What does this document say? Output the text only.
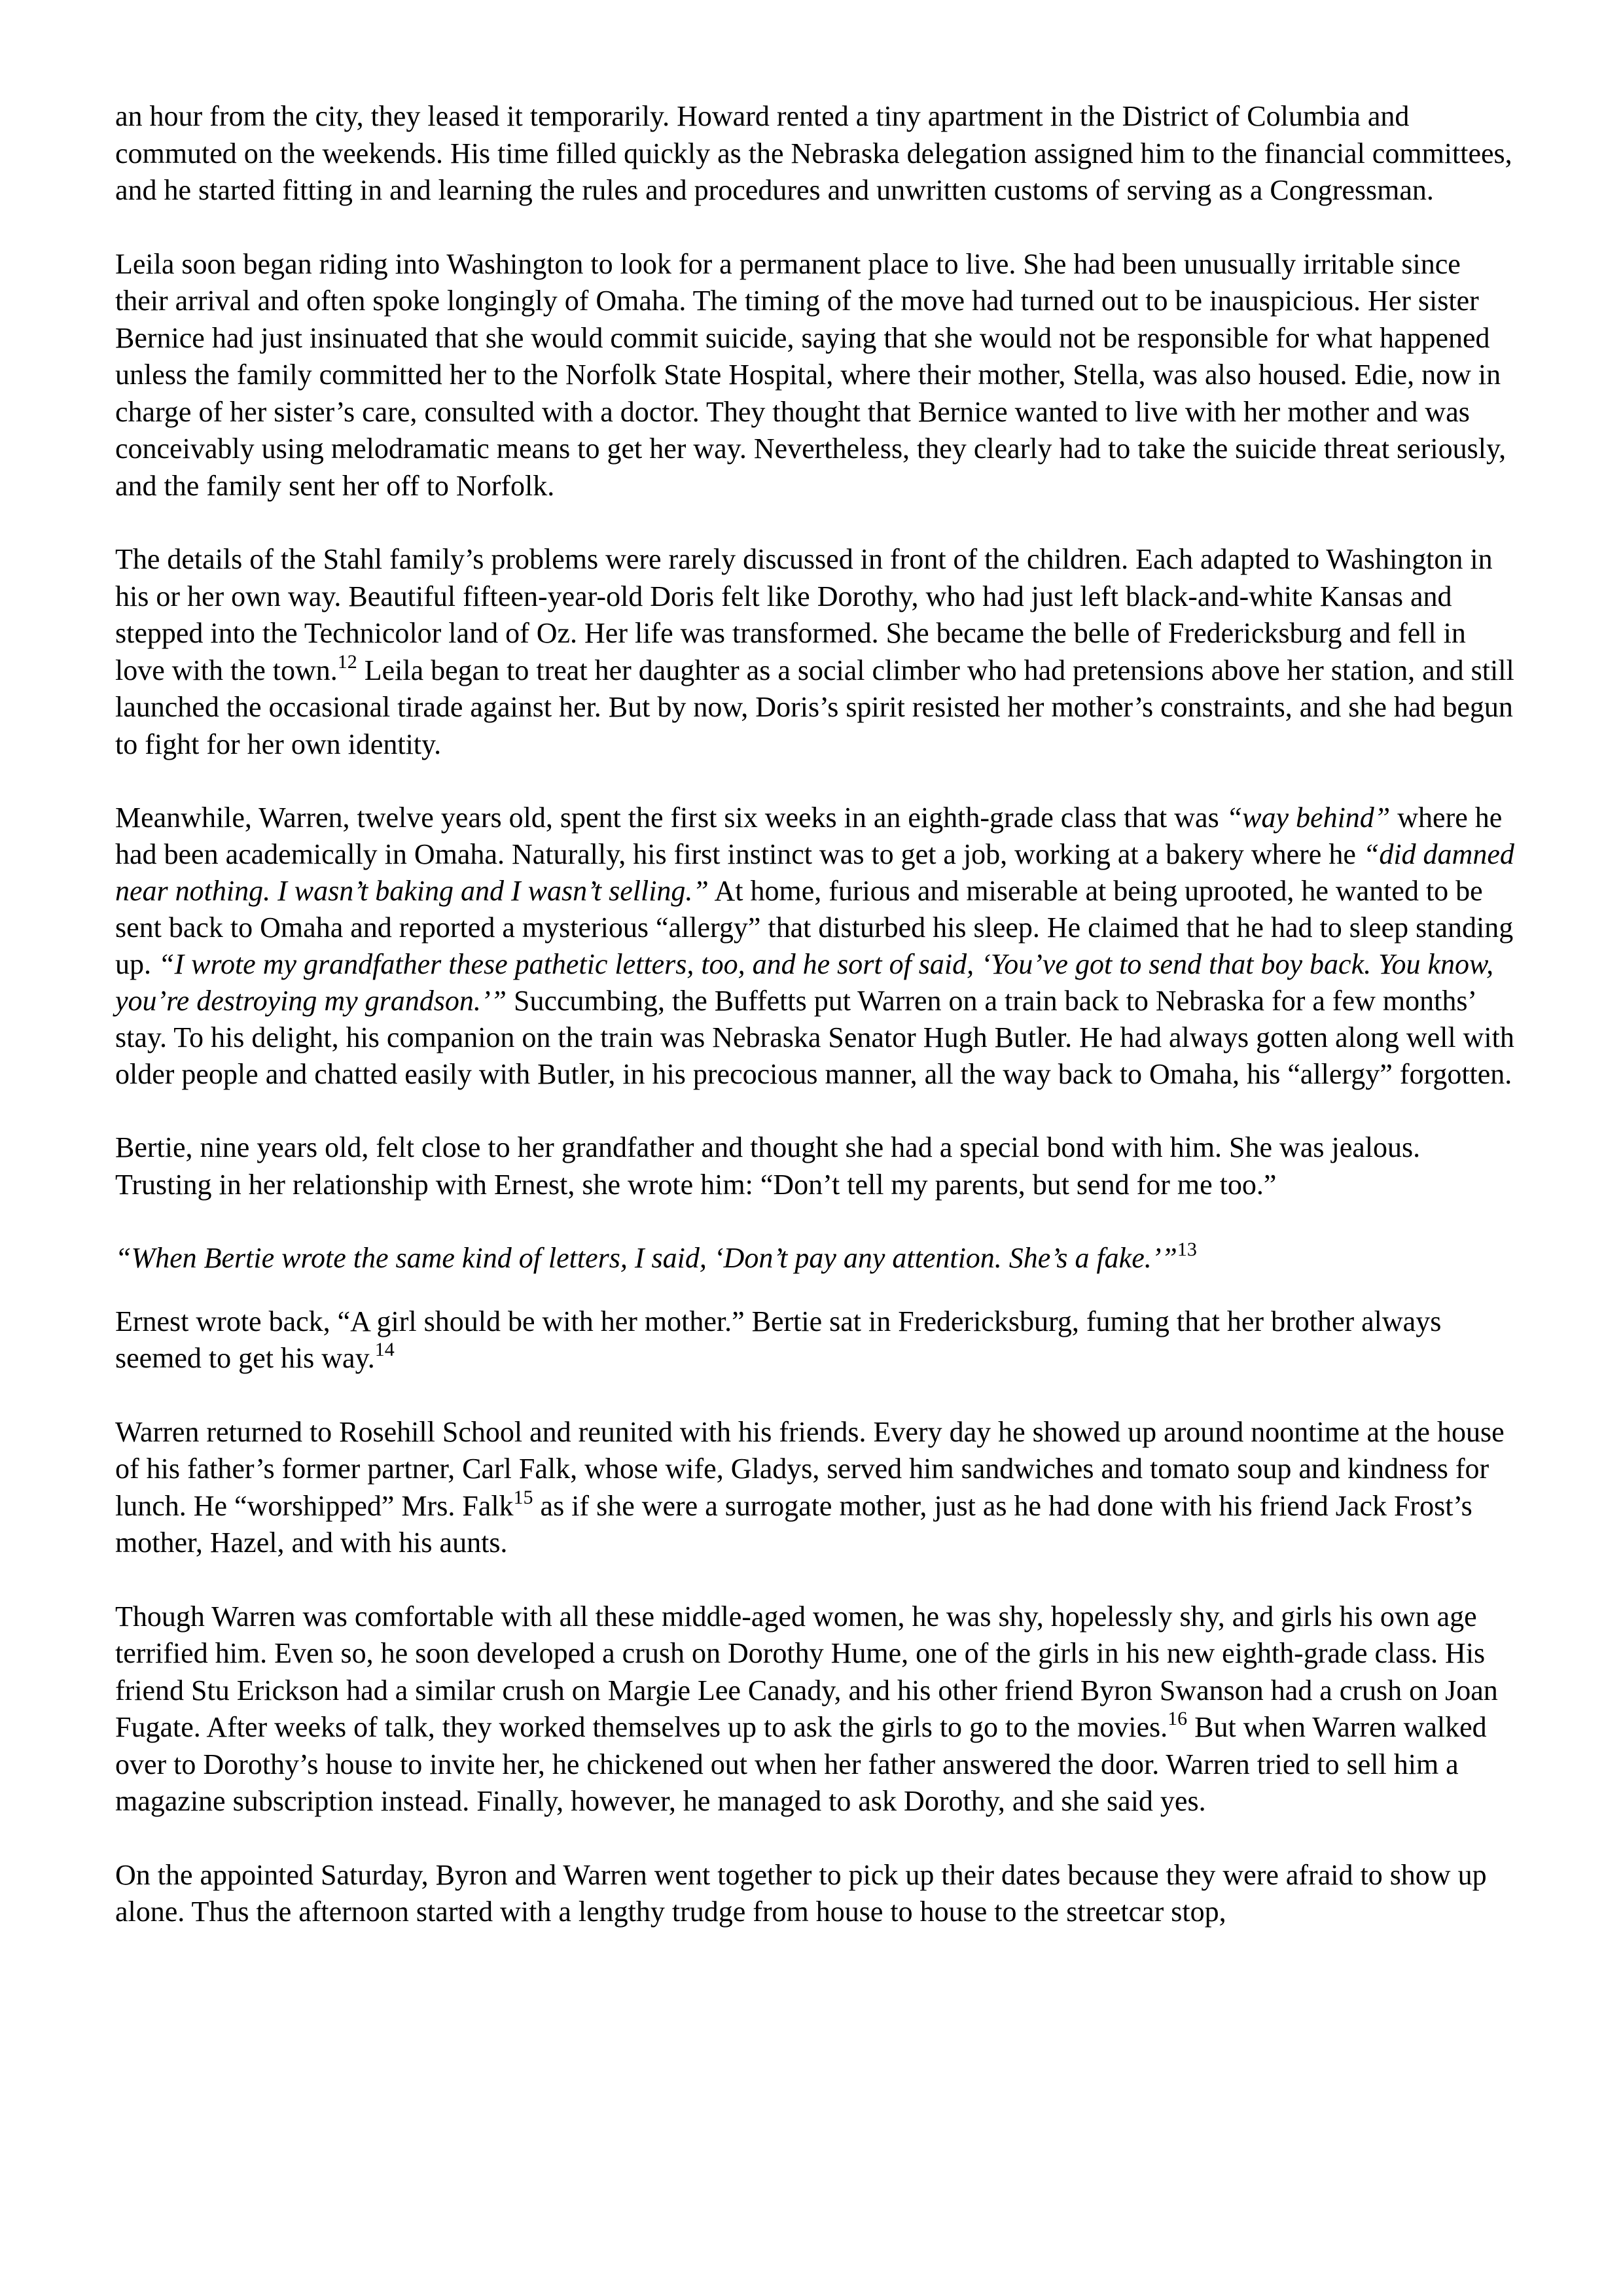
an hour from the city, they leased it temporarily. Howard rented a tiny apartment in the District of Columbia and commuted on the weekends. His time filled quickly as the Nebraska delegation assigned him to the financial committees, and he started fitting in and learning the rules and procedures and unwritten customs of serving as a Congressman.

Leila soon began riding into Washington to look for a permanent place to live. She had been unusually irritable since their arrival and often spoke longingly of Omaha. The timing of the move had turned out to be inauspicious. Her sister Bernice had just insinuated that she would commit suicide, saying that she would not be responsible for what happened unless the family committed her to the Norfolk State Hospital, where their mother, Stella, was also housed. Edie, now in charge of her sister’s care, consulted with a doctor. They thought that Bernice wanted to live with her mother and was conceivably using melodramatic means to get her way. Nevertheless, they clearly had to take the suicide threat seriously, and the family sent her off to Norfolk.

The details of the Stahl family’s problems were rarely discussed in front of the children. Each adapted to Washington in his or her own way. Beautiful fifteen-year-old Doris felt like Dorothy, who had just left black-and-white Kansas and stepped into the Technicolor land of Oz. Her life was transformed. She became the belle of Fredericksburg and fell in love with the town.$^{12}$ Leila began to treat her daughter as a social climber who had pretensions above her station, and still launched the occasional tirade against her. But by now, Doris’s spirit resisted her mother’s constraints, and she had begun to fight for her own identity.

Meanwhile, Warren, twelve years old, spent the first six weeks in an eighth-grade class that was “way behind” where he had been academically in Omaha. Naturally, his first instinct was to get a job, working at a bakery where he “did damned near nothing. I wasn’t baking and I wasn’t selling.” At home, furious and miserable at being uprooted, he wanted to be sent back to Omaha and reported a mysterious “allergy” that disturbed his sleep. He claimed that he had to sleep standing up. “I wrote my grandfather these pathetic letters, too, and he sort of said, ‘You’ve got to send that boy back. You know, you’re destroying my grandson.’” Succumbing, the Buffetts put Warren on a train back to Nebraska for a few months’ stay. To his delight, his companion on the train was Nebraska Senator Hugh Butler. He had always gotten along well with older people and chatted easily with Butler, in his precocious manner, all the way back to Omaha, his “allergy” forgotten.

Bertie, nine years old, felt close to her grandfather and thought she had a special bond with him. She was jealous. Trusting in her relationship with Ernest, she wrote him: “Don’t tell my parents, but send for me too.”

“When Bertie wrote the same kind of letters, I said, ‘Don’t pay any attention. She’s a fake.’”$^{13}$

Ernest wrote back, “A girl should be with her mother.” Bertie sat in Fredericksburg, fuming that her brother always seemed to get his way.$^{14}$

Warren returned to Rosehill School and reunited with his friends. Every day he showed up around noontime at the house of his father’s former partner, Carl Falk, whose wife, Gladys, served him sandwiches and tomato soup and kindness for lunch. He “worshipped” Mrs. Falk$^{15}$ as if she were a surrogate mother, just as he had done with his friend Jack Frost’s mother, Hazel, and with his aunts.

Though Warren was comfortable with all these middle-aged women, he was shy, hopelessly shy, and girls his own age terrified him. Even so, he soon developed a crush on Dorothy Hume, one of the girls in his new eighth-grade class. His friend Stu Erickson had a similar crush on Margie Lee Canady, and his other friend Byron Swanson had a crush on Joan Fugate. After weeks of talk, they worked themselves up to ask the girls to go to the movies.$^{16}$ But when Warren walked over to Dorothy’s house to invite her, he chickened out when her father answered the door. Warren tried to sell him a magazine subscription instead. Finally, however, he managed to ask Dorothy, and she said yes.

On the appointed Saturday, Byron and Warren went together to pick up their dates because they were afraid to show up alone. Thus the afternoon started with a lengthy trudge from house to house to the streetcar stop,
